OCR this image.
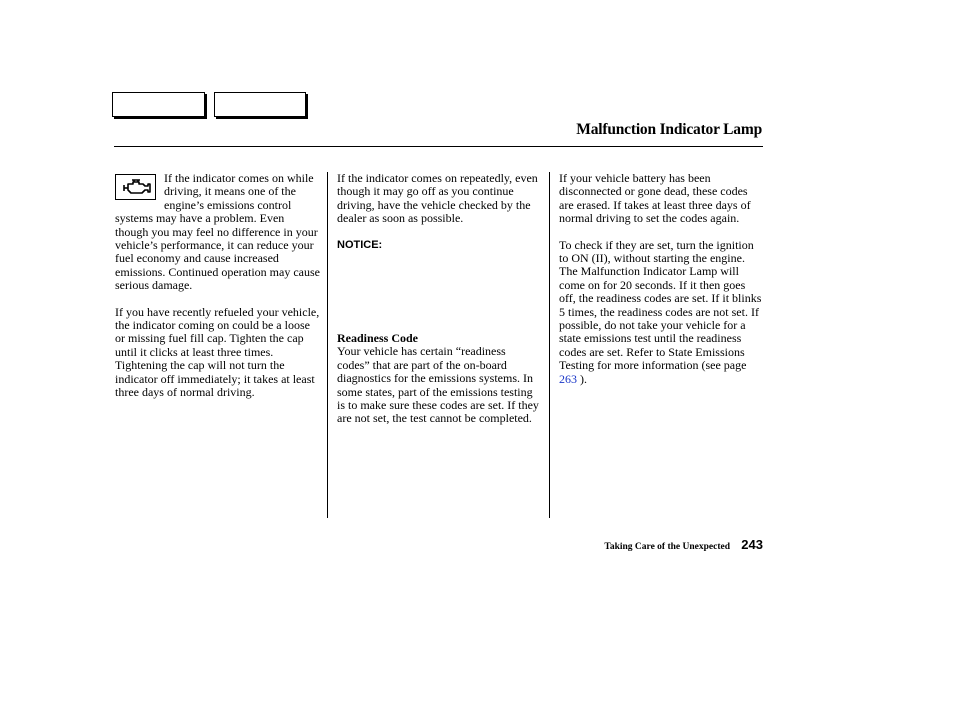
Malfunction Indicator Lamp

If the indicator comes on while driving, it means one of the engine’s emissions control systems may have a problem. Even though you may feel no difference in your vehicle’s performance, it can reduce your fuel economy and cause increased emissions. Continued operation may cause serious damage.

If you have recently refueled your vehicle, the indicator coming on could be a loose or missing fuel fill cap. Tighten the cap until it clicks at least three times. Tightening the cap will not turn the indicator off immediately; it takes at least three days of normal driving.

If the indicator comes on repeatedly, even though it may go off as you continue driving, have the vehicle checked by the dealer as soon as possible.

NOTICE:

Readiness Code

Your vehicle has certain “readiness codes” that are part of the on-board diagnostics for the emissions systems. In some states, part of the emissions testing is to make sure these codes are set. If they are not set, the test cannot be completed.

If your vehicle battery has been disconnected or gone dead, these codes are erased. If takes at least three days of normal driving to set the codes again.

To check if they are set, turn the ignition to ON (II), without starting the engine. The Malfunction Indicator Lamp will come on for 20 seconds. If it then goes off, the readiness codes are set. If it blinks 5 times, the readiness codes are not set. If possible, do not take your vehicle for a state emissions test until the readiness codes are set. Refer to State Emissions Testing for more information (see page 263 ).

Taking Care of the Unexpected 243
